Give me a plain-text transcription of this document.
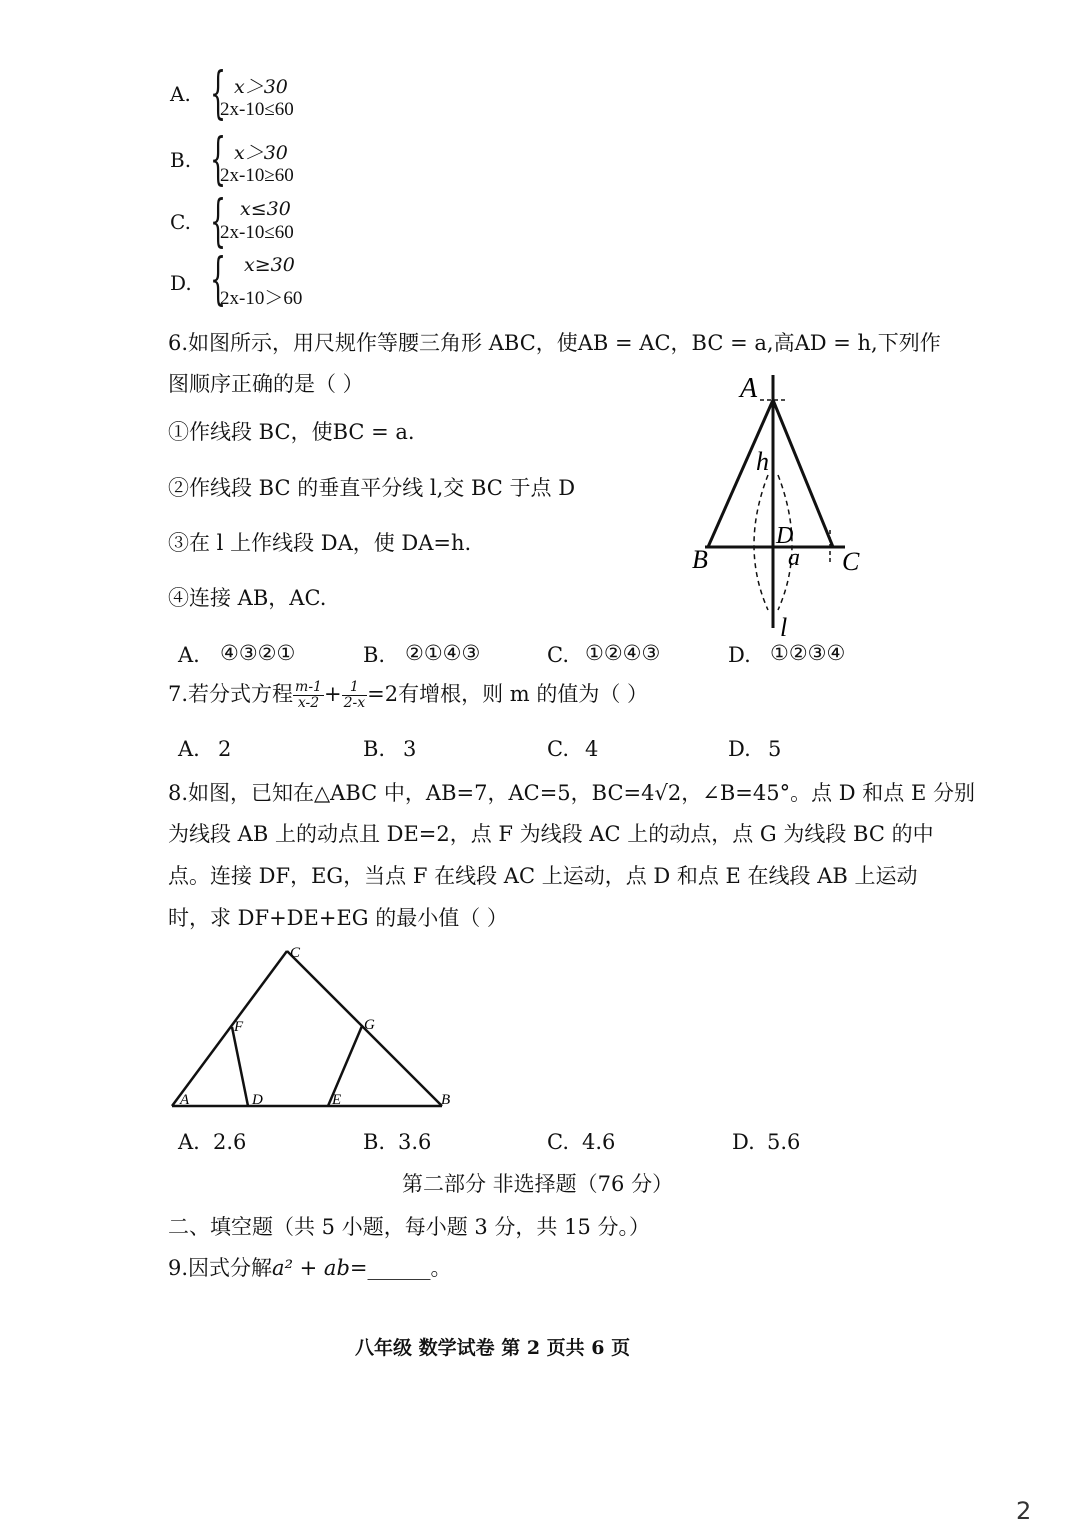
A. { x＞30
2x-10≤60
B. { x＞30
2x-10≥60
C. { x≤30
2x-10≤60
D. { x≥30
2x-10＞60
6.如图所示，用尺规作等腰三角形 ABC，使AB = AC，BC = a,高AD = h,下列作
图顺序正确的是（ ）
①作线段 BC，使BC = a.
②作线段 BC 的垂直平分线 l,交 BC 于点 D
③在 l 上作线段 DA，使 DA=h.
④连接 AB，AC.
A
h
D
B	a C
l
A. ④③②①	B. ②①④③	C. ①②④③	D. ①②③④
7.若分式方程 $\frac{m-1}{x-2} + \frac{1}{2-x} =2$有增根，则 m 的值为（ ）
A. 2	B. 3	C. 4	D. 5
8.如图，已知在△ABC 中，AB=7，AC=5，BC=4√2，∠B=45°。点 D 和点 E 分别
为线段 AB 上的动点且 DE=2，点 F 为线段 AC 上的动点，点 G 为线段 BC 的中
点。连接 DF，EG，当点 F 在线段 AC 上运动，点 D 和点 E 在线段 AB 上运动
时，求 DF+DE+EG 的最小值（ ）
C
F	G
A	D	E	B
A. 2.6	B. 3.6	C. 4.6	D. 5.6
第二部分 非选择题（76 分）
二、填空题（共 5 小题，每小题 3 分，共 15 分。）
9.因式分解a² + ab=______。
八年级 数学试卷 第 2 页共 6 页
2
